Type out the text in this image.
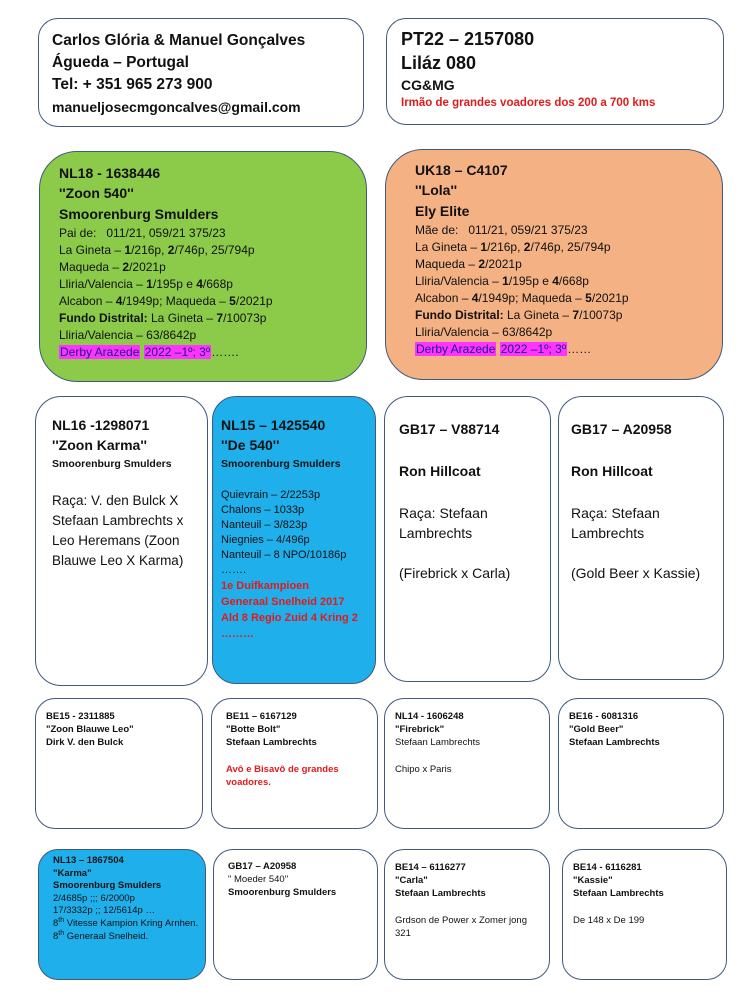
Carlos Glória & Manuel Gonçalves
Águeda – Portugal
Tel: + 351 965 273 900
manueljosecmgoncalves@gmail.com
PT22 – 2157080
Liláz 080
CG&MG
Irmão de grandes voadores dos 200 a 700 kms
NL18 - 1638446
''Zoon 540''
Smoorenburg Smulders
Pai de: 011/21, 059/21 375/23
La Gineta – 1/216p, 2/746p, 25/794p
Maqueda – 2/2021p
Lliria/Valencia – 1/195p e 4/668p
Alcabon – 4/1949p; Maqueda – 5/2021p
Fundo Distrital: La Gineta – 7/10073p
Lliria/Valencia – 63/8642p
Derby Arazede 2022 –1º; 3º…….
UK18 – C4107
''Lola''
Ely Elite
Mãe de: 011/21, 059/21 375/23
La Gineta – 1/216p, 2/746p, 25/794p
Maqueda – 2/2021p
Lliria/Valencia – 1/195p e 4/668p
Alcabon – 4/1949p; Maqueda – 5/2021p
Fundo Distrital: La Gineta – 7/10073p
Lliria/Valencia – 63/8642p
Derby Arazede 2022 –1º; 3º……
NL16 -1298071
''Zoon Karma''
Smoorenburg Smulders
Raça: V. den Bulck X Stefaan Lambrechts x Leo Heremans (Zoon Blauwe Leo X Karma)
NL15 – 1425540
''De 540''
Smoorenburg Smulders
Quievrain – 2/2253p
Chalons – 1033p
Nanteuil – 3/823p
Niegnies – 4/496p
Nanteuil – 8 NPO/10186p
…….
1e Duifkampioen
Generaal Snelheid 2017
Ald 8 Regio Zuid 4 Kring 2
………
GB17 – V88714
Ron Hillcoat
Raça: Stefaan Lambrechts
(Firebrick x Carla)
GB17 – A20958
Ron Hillcoat
Raça: Stefaan Lambrechts
(Gold Beer x Kassie)
BE15 - 2311885
"Zoon Blauwe Leo"
Dirk V. den Bulck
BE11 – 6167129
"Botte Bolt"
Stefaan Lambrechts
Avô e Bisavô de grandes voadores.
NL14 - 1606248
"Firebrick"
Stefaan Lambrechts
Chipo x Paris
BE16 - 6081316
"Gold Beer"
Stefaan Lambrechts
NL13 – 1867504
"Karma"
Smoorenburg Smulders
2/4685p ;;; 6/2000p
17/3332p ;; 12/5614p …
8th Vitesse Kampion Kring Arnhen.
8th Generaal Snelheid.
GB17 – A20958
" Moeder 540''
Smoorenburg Smulders
BE14 – 6116277
"Carla"
Stefaan Lambrechts
Grdson de Power x Zomer jong 321
BE14 - 6116281
"Kassie"
Stefaan Lambrechts
De 148 x De 199
